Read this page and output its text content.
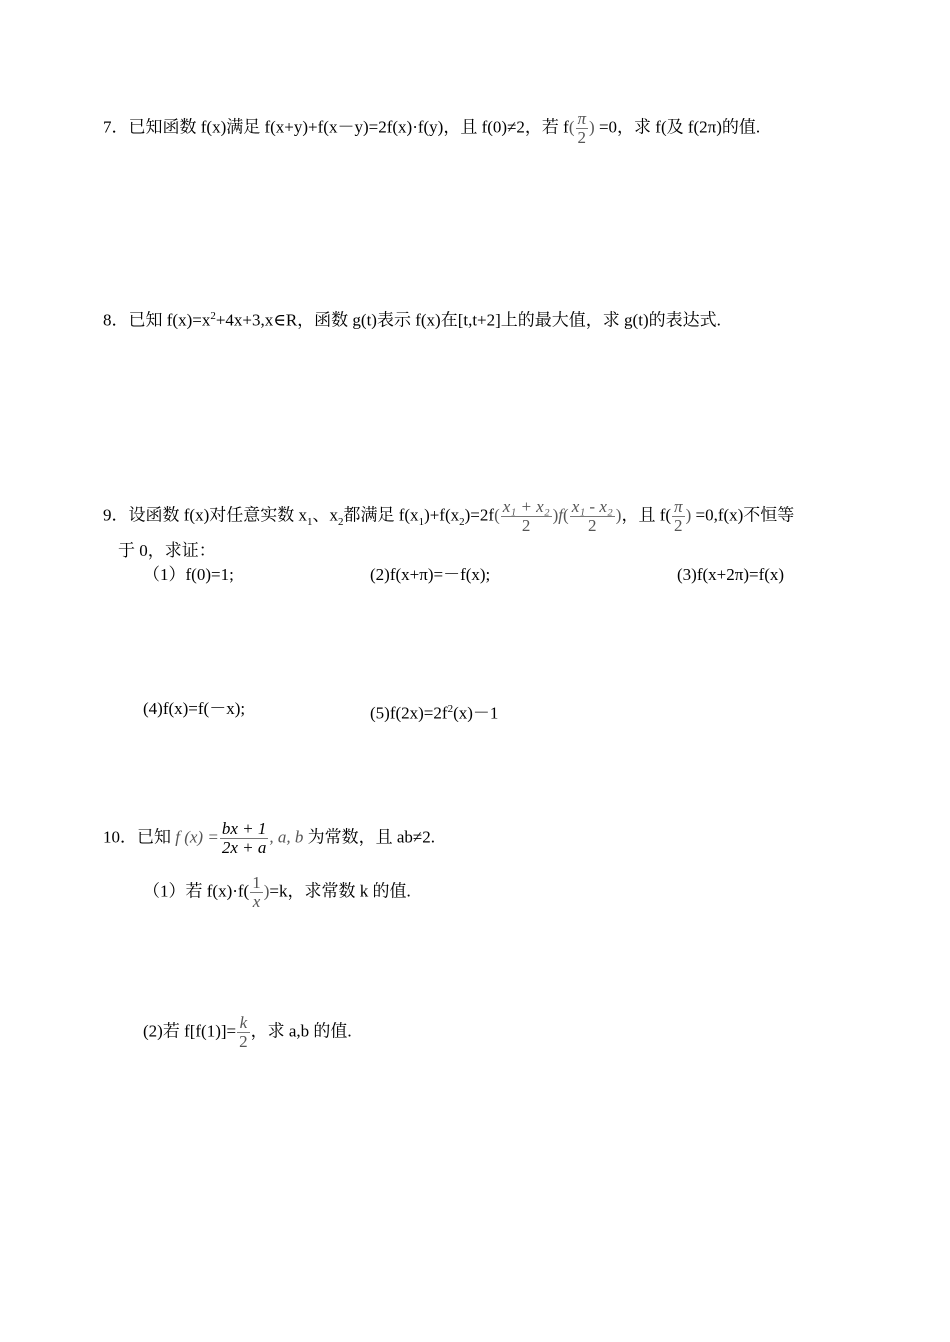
7．已知函数 f(x)满足 f(x+y)+f(x－y)=2f(x)·f(y)，且 f(0)≠2，若 $f( \frac{\pi}{2}$ ) =0，求 f(及 f(2π)的值.
8．已知 $f(x)=x^2+4x+3,x\in R$，函数 g(t)表示 f(x)在[t,t+2]上的最大值，求 g(t)的表达式.
9．设函数 f(x)对任意实数 $x_1$、$x_2$都满足 $f(x_1)+f(x_2)=2f( \frac{\text{x₁ + x₂}}{2} )f( \frac{\text{x₁ - x₂}}{2}$ )，且 $f( \frac{\pi}{2}$ ) =0,f(x)不恒等
于 0，求证：
（1）f(0)=1;	(2)f(x+π)=－f(x);	(3)f(x+2π)=f(x)
(4)f(x)=f(－x);	$(5)f(2x)=2f^2(x)-1$
10．已知 f $(x) = \frac{bx + 1}{2x + a}$ , a, b 为常数，且 ab≠2.
（1）若 $f(x)\cdot f( \frac{1}{x} )=k$，求常数 k 的值.
(2)若 $f[f(1)]= \frac{k}{2}$ ，求 a,b 的值.
